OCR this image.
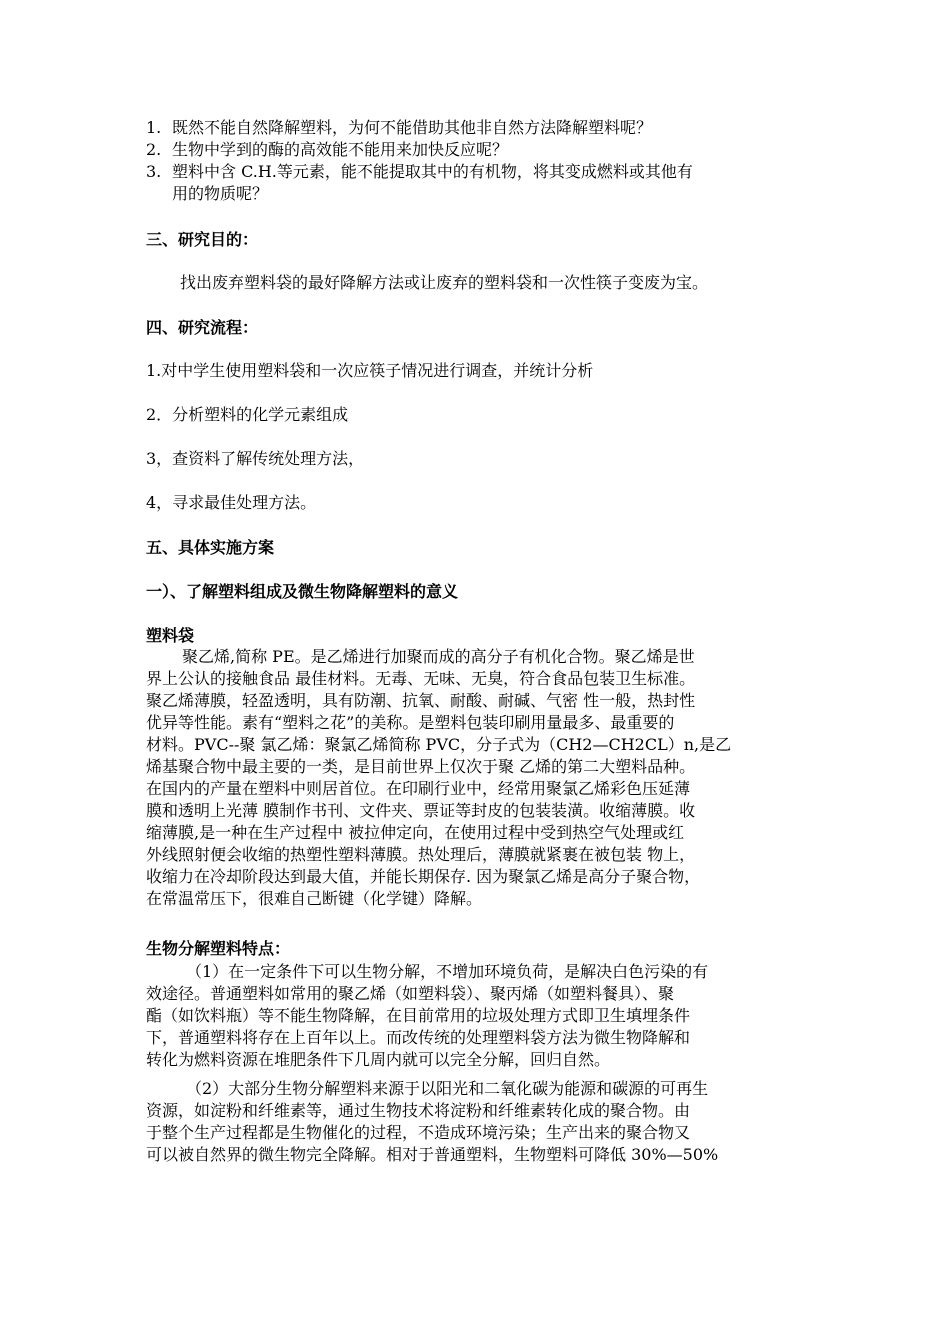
1. 既然不能自然降解塑料，为何不能借助其他非自然方法降解塑料呢？
2. 生物中学到的酶的高效能不能用来加快反应呢？
3. 塑料中含 C.H.等元素，能不能提取其中的有机物，将其变成燃料或其他有
用的物质呢？
三、研究目的：
找出废弃塑料袋的最好降解方法或让废弃的塑料袋和一次性筷子变废为宝。
四、研究流程：
1.对中学生使用塑料袋和一次应筷子情况进行调查，并统计分析
2．分析塑料的化学元素组成
3，查资料了解传统处理方法，
4，寻求最佳处理方法。
五、具体实施方案
一）、了解塑料组成及微生物降解塑料的意义
塑料袋
聚乙烯,简称 PE。是乙烯进行加聚而成的高分子有机化合物。聚乙烯是世
界上公认的接触食品 最佳材料。无毒、无味、无臭，符合食品包装卫生标准。
聚乙烯薄膜，轻盈透明，具有防潮、抗氧、耐酸、耐碱、气密 性一般，热封性
优异等性能。素有“塑料之花”的美称。是塑料包装印刷用量最多、最重要的
材料。PVC--聚 氯乙烯：聚氯乙烯简称 PVC，分子式为（CH2—CH2CL）n,是乙
烯基聚合物中最主要的一类，是目前世界上仅次于聚 乙烯的第二大塑料品种。
在国内的产量在塑料中则居首位。在印刷行业中，经常用聚氯乙烯彩色压延薄
膜和透明上光薄 膜制作书刊、文件夹、票证等封皮的包装装潢。收缩薄膜。收
缩薄膜,是一种在生产过程中 被拉伸定向，在使用过程中受到热空气处理或红
外线照射便会收缩的热塑性塑料薄膜。热处理后，薄膜就紧裹在被包装 物上，
收缩力在冷却阶段达到最大值，并能长期保存. 因为聚氯乙烯是高分子聚合物，
在常温常压下，很难自己断键（化学键）降解。
生物分解塑料特点：
（1）在一定条件下可以生物分解，不增加环境负荷，是解决白色污染的有
效途径。普通塑料如常用的聚乙烯（如塑料袋）、聚丙烯（如塑料餐具）、聚
酯（如饮料瓶）等不能生物降解，在目前常用的垃圾处理方式即卫生填埋条件
下，普通塑料将存在上百年以上。而改传统的处理塑料袋方法为微生物降解和
转化为燃料资源在堆肥条件下几周内就可以完全分解，回归自然。
（2）大部分生物分解塑料来源于以阳光和二氧化碳为能源和碳源的可再生
资源，如淀粉和纤维素等，通过生物技术将淀粉和纤维素转化成的聚合物。由
于整个生产过程都是生物催化的过程，不造成环境污染；生产出来的聚合物又
可以被自然界的微生物完全降解。相对于普通塑料，生物塑料可降低 30%—50%
